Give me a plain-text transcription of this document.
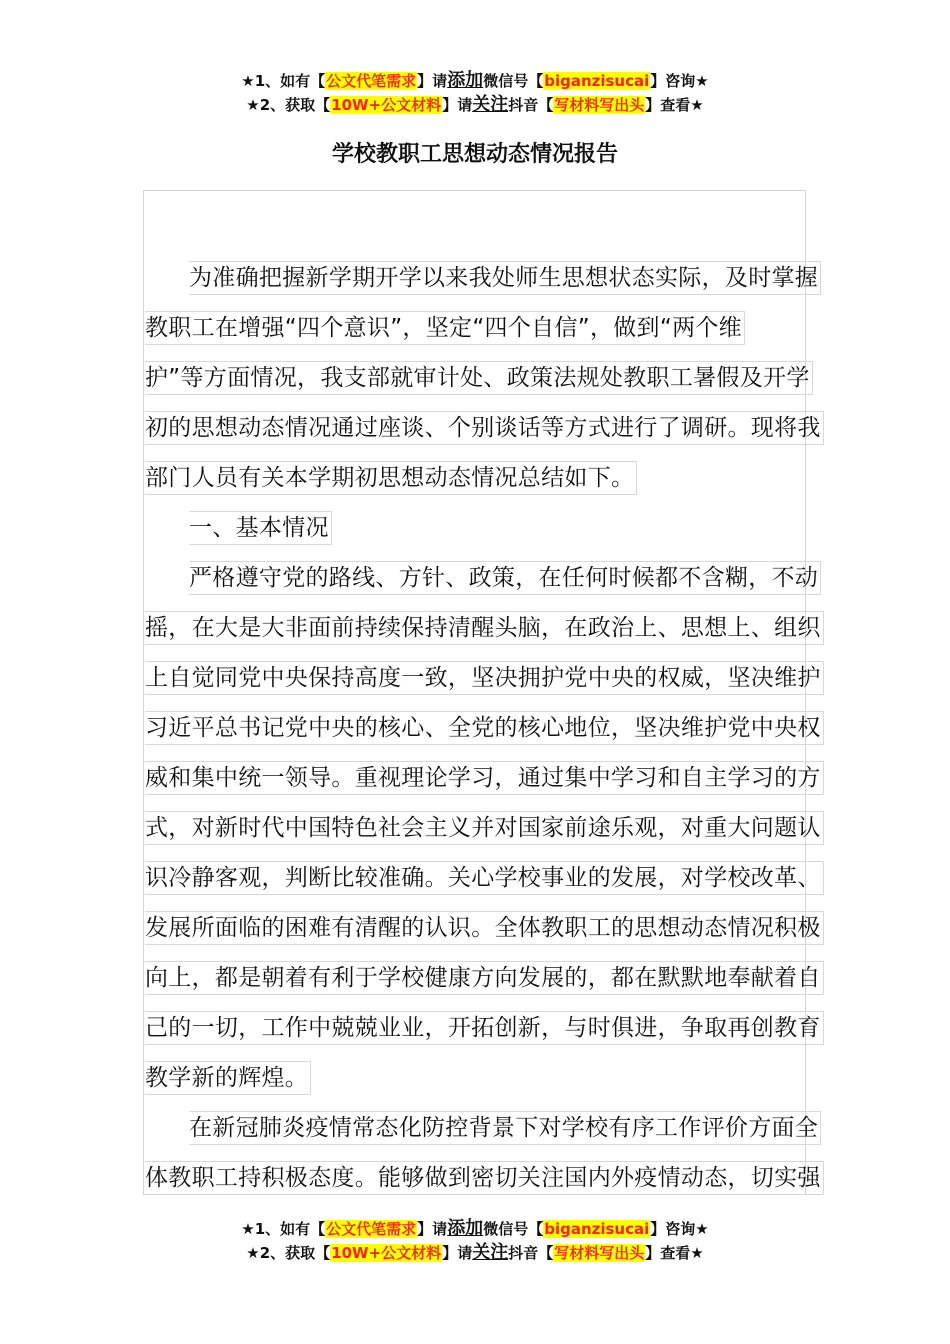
★1、如有【公文代笔需求】请添加微信号【biganzisucai】咨询★
★2、获取【10W+公文材料】请关注抖音【写材料写出头】查看★
学校教职工思想动态情况报告
为准确把握新学期开学以来我处师生思想状态实际，及时掌握
教职工在增强“四个意识”，坚定“四个自信”，做到“两个维
护”等方面情况，我支部就审计处、政策法规处教职工暑假及开学
初的思想动态情况通过座谈、个别谈话等方式进行了调研。现将我
部门人员有关本学期初思想动态情况总结如下。
一、基本情况
严格遵守党的路线、方针、政策，在任何时候都不含糊，不动
摇，在大是大非面前持续保持清醒头脑，在政治上、思想上、组织
上自觉同党中央保持高度一致，坚决拥护党中央的权威，坚决维护
习近平总书记党中央的核心、全党的核心地位，坚决维护党中央权
威和集中统一领导。重视理论学习，通过集中学习和自主学习的方
式，对新时代中国特色社会主义并对国家前途乐观，对重大问题认
识冷静客观，判断比较准确。关心学校事业的发展，对学校改革、
发展所面临的困难有清醒的认识。全体教职工的思想动态情况积极
向上，都是朝着有利于学校健康方向发展的，都在默默地奉献着自
己的一切，工作中兢兢业业，开拓创新，与时俱进，争取再创教育
教学新的辉煌。
在新冠肺炎疫情常态化防控背景下对学校有序工作评价方面全
体教职工持积极态度。能够做到密切关注国内外疫情动态，切实强
★1、如有【公文代笔需求】请添加微信号【biganzisucai】咨询★
★2、获取【10W+公文材料】请关注抖音【写材料写出头】查看★
